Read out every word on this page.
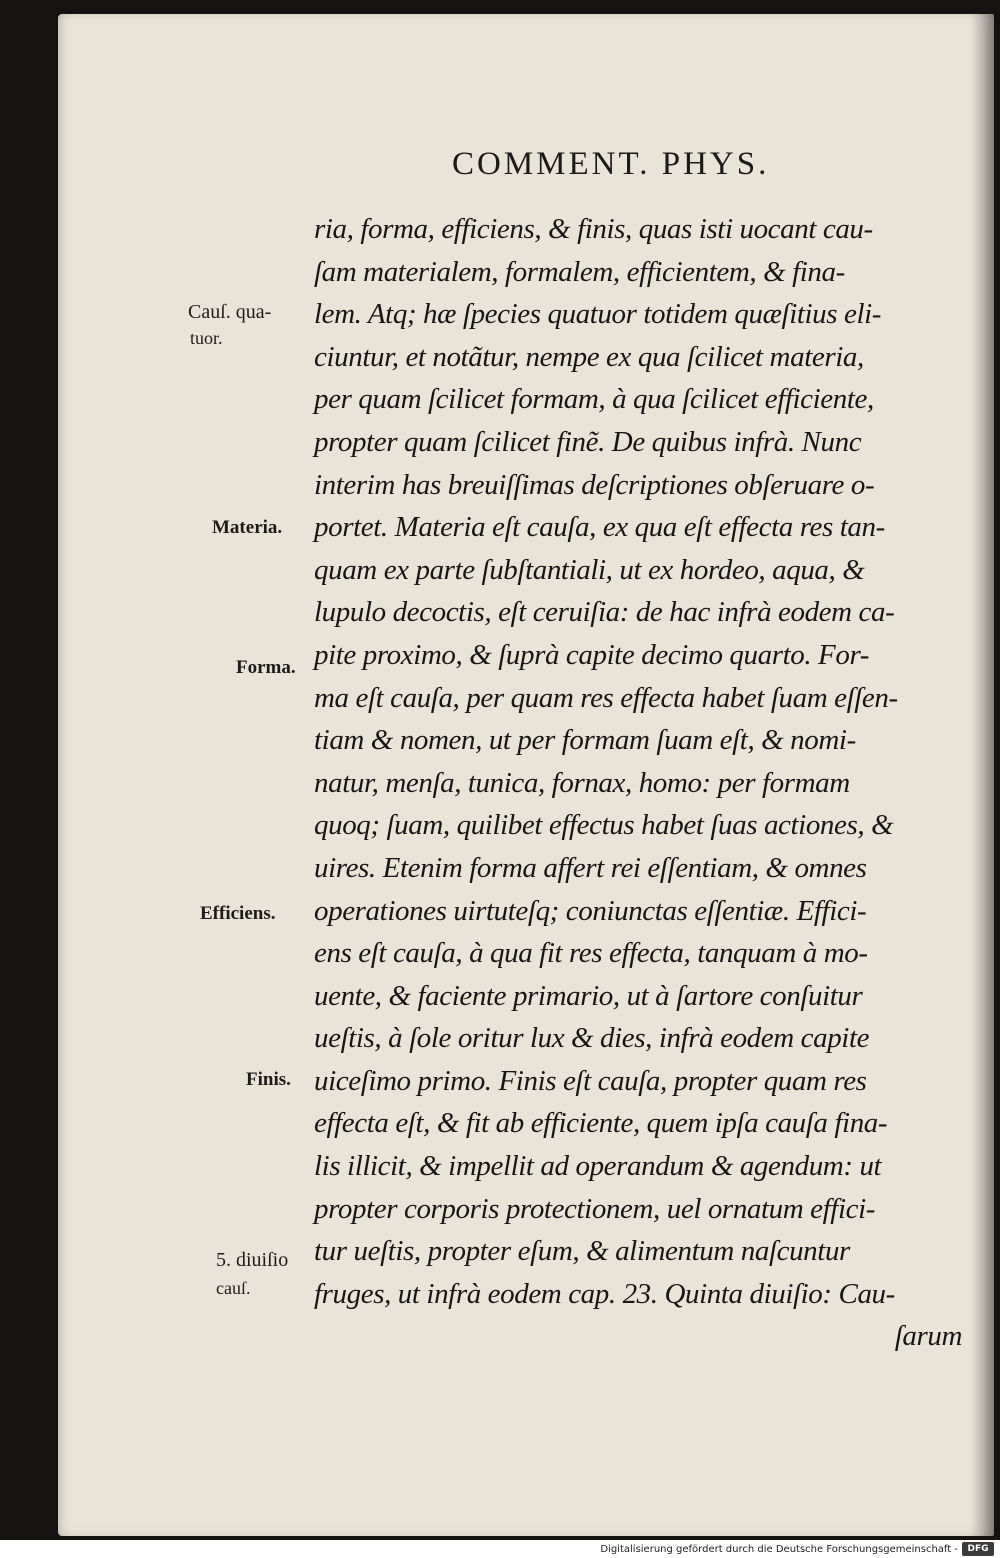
COMMENT. PHYS.
ria, forma, efficiens, & finis, quas isti uocant cau-
ſam materialem, formalem, efficientem, & fina-
lem. Atq; hæ ſpecies quatuor totidem quæſitius eli-
ciuntur, et notãtur, nempe ex qua ſcilicet materia,
per quam ſcilicet formam, à qua ſcilicet efficiente,
propter quam ſcilicet finẽ. De quibus infrà. Nunc
interim has breuiſſimas deſcriptiones obſeruare o-
portet. Materia eſt cauſa, ex qua eſt effecta res tan-
quam ex parte ſubſtantiali, ut ex hordeo, aqua, &
lupulo decoctis, eſt ceruiſia: de hac infrà eodem ca-
pite proximo, & ſuprà capite decimo quarto. For-
ma eſt cauſa, per quam res effecta habet ſuam eſſen-
tiam & nomen, ut per formam ſuam eſt, & nomi-
natur, menſa, tunica, fornax, homo: per formam
quoq; ſuam, quilibet effectus habet ſuas actiones, &
uires. Etenim forma affert rei eſſentiam, & omnes
operationes uirtuteſq; coniunctas eſſentiæ. Effici-
ens eſt cauſa, à qua fit res effecta, tanquam à mo-
uente, & faciente primario, ut à ſartore conſuitur
ueſtis, à ſole oritur lux & dies, infrà eodem capite
uiceſimo primo. Finis eſt cauſa, propter quam res
effecta eſt, & fit ab efficiente, quem ipſa cauſa fina-
lis illicit, & impellit ad operandum & agendum: ut
propter corporis protectionem, uel ornatum effici-
tur ueſtis, propter eſum, & alimentum naſcuntur
fruges, ut infrà eodem cap. 23. Quinta diuiſio: Cau-
ſarum
Cauſ. qua-
tuor.
Materia.
Forma.
Efficiens.
Finis.
5. diuiſio
cauſ.
Digitalisierung gefördert durch die Deutsche Forschungsgemeinschaft -	DFG
